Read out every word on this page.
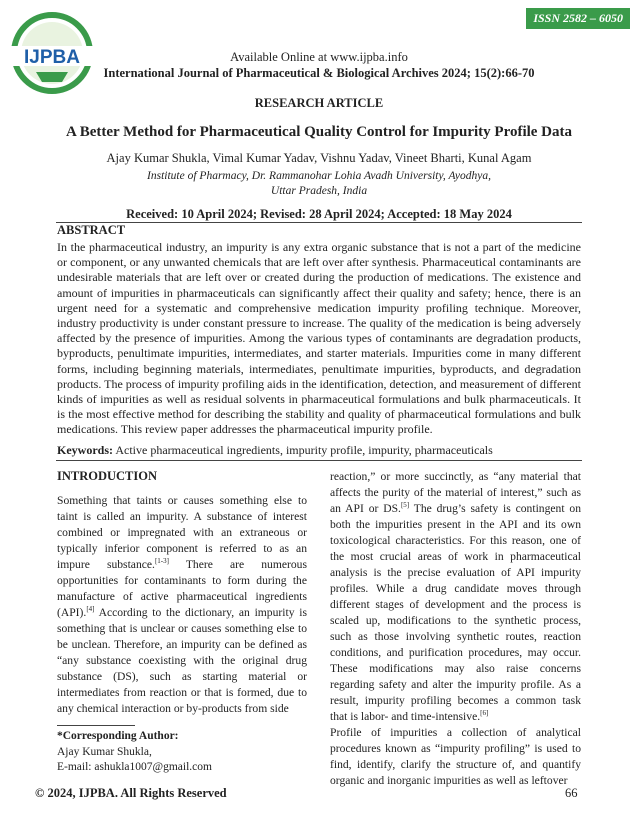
ISSN 2582 – 6050
IJPBA	Available Online at www.ijpba.info
International Journal of Pharmaceutical & Biological Archives 2024; 15(2):66-70
RESEARCH ARTICLE
A Better Method for Pharmaceutical Quality Control for Impurity Profile Data
Ajay Kumar Shukla, Vimal Kumar Yadav, Vishnu Yadav, Vineet Bharti, Kunal Agam
Institute of Pharmacy, Dr. Rammanohar Lohia Avadh University, Ayodhya,
Uttar Pradesh, India
Received: 10 April 2024; Revised: 28 April 2024; Accepted: 18 May 2024
ABSTRACT

In the pharmaceutical industry, an impurity is any extra organic substance that is not a part of the medicine or component, or any unwanted chemicals that are left over after synthesis. Pharmaceutical contaminants are undesirable materials that are left over or created during the production of medications. The existence and amount of impurities in pharmaceuticals can significantly affect their quality and safety; hence, there is an urgent need for a systematic and comprehensive medication impurity profiling technique. Moreover, industry productivity is under constant pressure to increase. The quality of the medication is being adversely affected by the presence of impurities. Among the various types of contaminants are degradation products, byproducts, penultimate impurities, intermediates, and starter materials. Impurities come in many different forms, including beginning materials, intermediates, penultimate impurities, byproducts, and degradation products. The process of impurity profiling aids in the identification, detection, and measurement of different kinds of impurities as well as residual solvents in pharmaceutical formulations and bulk pharmaceuticals. It is the most effective method for describing the stability and quality of pharmaceutical formulations and bulk medications. This review paper addresses the pharmaceutical impurity profile.

Keywords: Active pharmaceutical ingredients, impurity profile, impurity, pharmaceuticals
INTRODUCTION
Something that taints or causes something else to taint is called an impurity. A substance of interest combined or impregnated with an extraneous or typically inferior component is referred to as an impure substance.[1-3] There are numerous opportunities for contaminants to form during the manufacture of active pharmaceutical ingredients (API).[4] According to the dictionary, an impurity is something that is unclear or causes something else to be unclean. Therefore, an impurity can be defined as “any substance coexisting with the original drug substance (DS), such as starting material or intermediates from reaction or that is formed, due to any chemical interaction or by-products from side
*Corresponding Author:
Ajay Kumar Shukla,
E-mail: ashukla1007@gmail.com
reaction,” or more succinctly, as “any material that affects the purity of the material of interest,” such as an API or DS.[5] The drug’s safety is contingent on both the impurities present in the API and its own toxicological characteristics. For this reason, one of the most crucial areas of work in pharmaceutical analysis is the precise evaluation of API impurity profiles. While a drug candidate moves through different stages of development and the process is scaled up, modifications to the synthetic process, such as those involving synthetic routes, reaction conditions, and purification procedures, may occur. These modifications may also raise concerns regarding safety and alter the impurity profile. As a result, impurity profiling becomes a common task that is labor- and time-intensive.[6]
Profile of impurities a collection of analytical procedures known as “impurity profiling” is used to find, identify, clarify the structure of, and quantify organic and inorganic impurities as well as leftover
© 2024, IJPBA. All Rights Reserved	66
